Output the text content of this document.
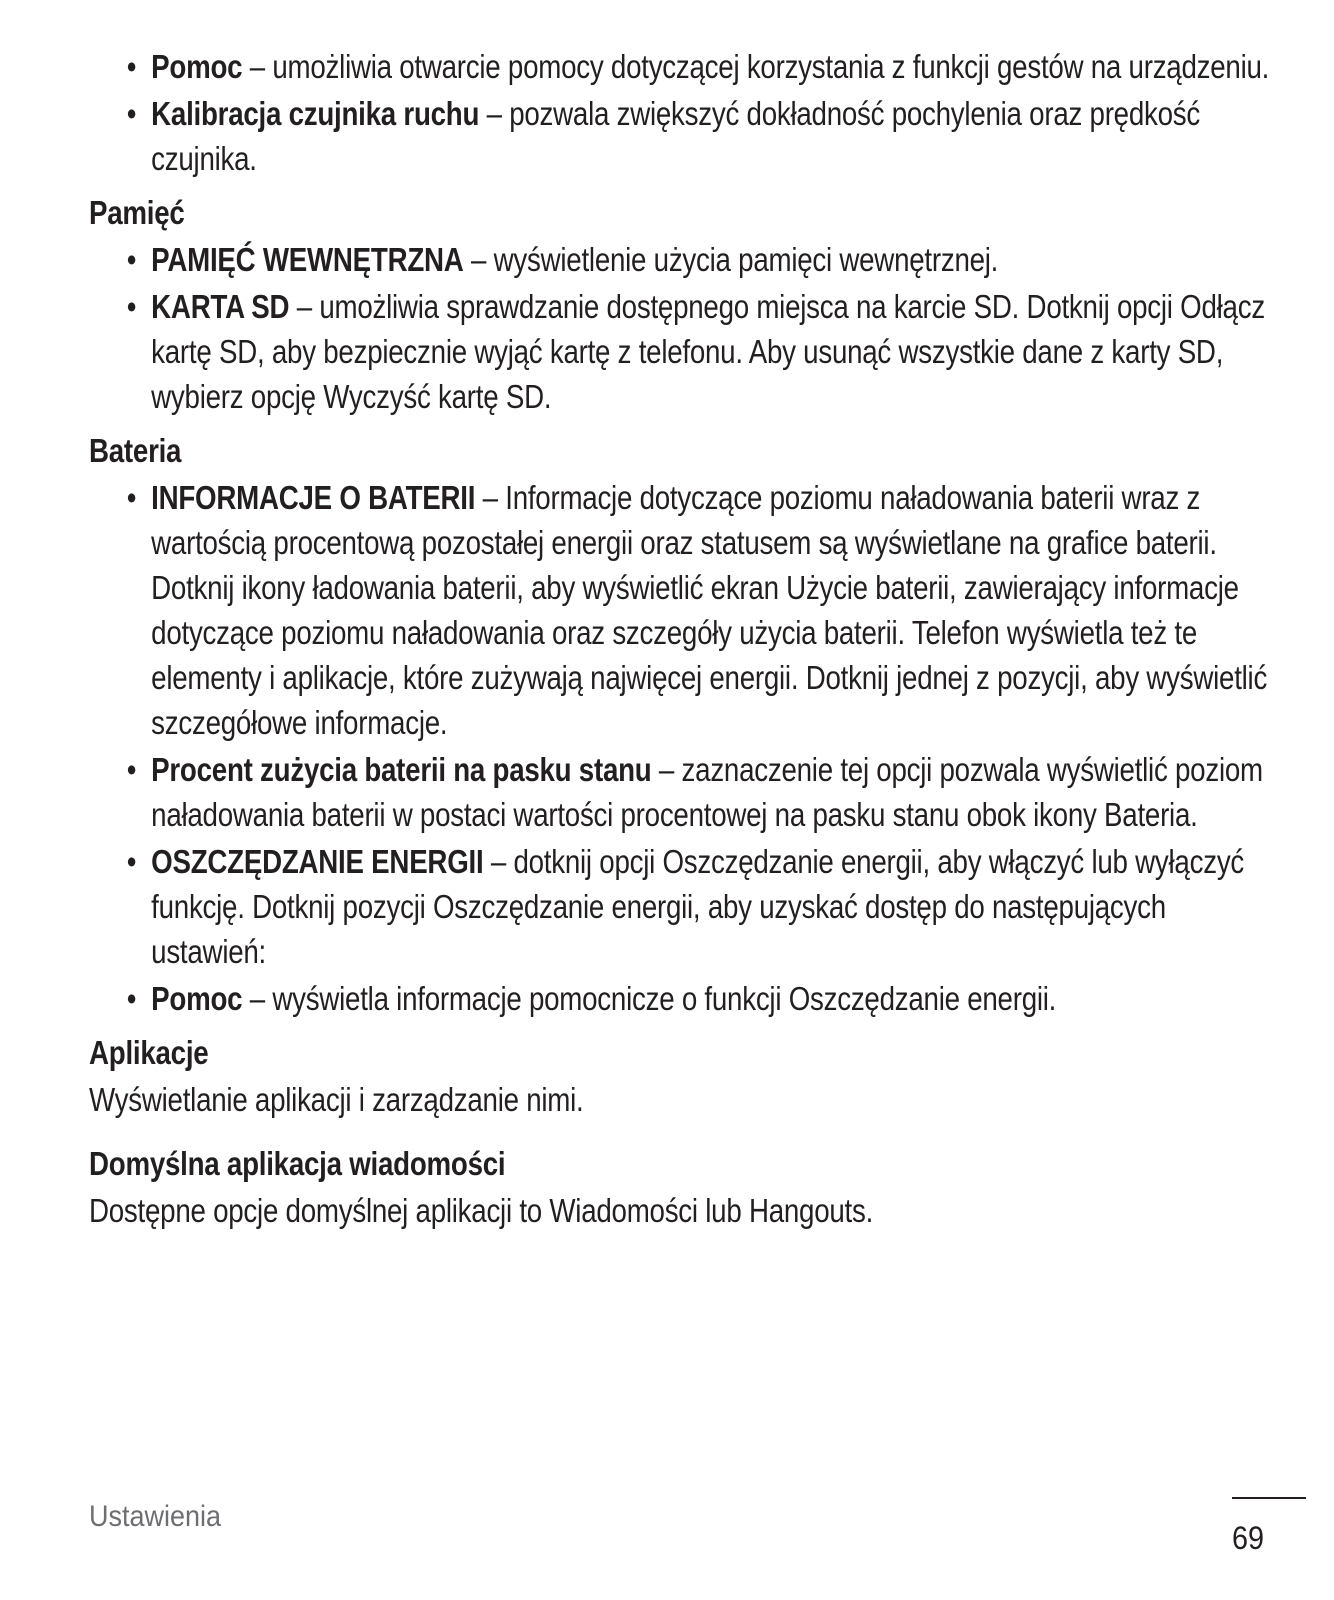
• Pomoc – umożliwia otwarcie pomocy dotyczącej korzystania z funkcji gestów na urządzeniu.
• Kalibracja czujnika ruchu – pozwala zwiększyć dokładność pochylenia oraz prędkość czujnika.
Pamięć
• PAMIĘĆ WEWNĘTRZNA – wyświetlenie użycia pamięci wewnętrznej.
• KARTA SD – umożliwia sprawdzanie dostępnego miejsca na karcie SD. Dotknij opcji Odłącz kartę SD, aby bezpiecznie wyjąć kartę z telefonu. Aby usunąć wszystkie dane z karty SD, wybierz opcję Wyczyść kartę SD.
Bateria
• INFORMACJE O BATERII – Informacje dotyczące poziomu naładowania baterii wraz z wartością procentową pozostałej energii oraz statusem są wyświetlane na grafice baterii. Dotknij ikony ładowania baterii, aby wyświetlić ekran Użycie baterii, zawierający informacje dotyczące poziomu naładowania oraz szczegóły użycia baterii. Telefon wyświetla też te elementy i aplikacje, które zużywają najwięcej energii. Dotknij jednej z pozycji, aby wyświetlić szczegółowe informacje.
• Procent zużycia baterii na pasku stanu – zaznaczenie tej opcji pozwala wyświetlić poziom naładowania baterii w postaci wartości procentowej na pasku stanu obok ikony Bateria.
• OSZCZĘDZANIE ENERGII – dotknij opcji Oszczędzanie energii, aby włączyć lub wyłączyć funkcję. Dotknij pozycji Oszczędzanie energii, aby uzyskać dostęp do następujących ustawień:
• Pomoc – wyświetla informacje pomocnicze o funkcji Oszczędzanie energii.
Aplikacje

Wyświetlanie aplikacji i zarządzanie nimi.

Domyślna aplikacja wiadomości

Dostępne opcje domyślnej aplikacji to Wiadomości lub Hangouts.

Ustawienia
69
